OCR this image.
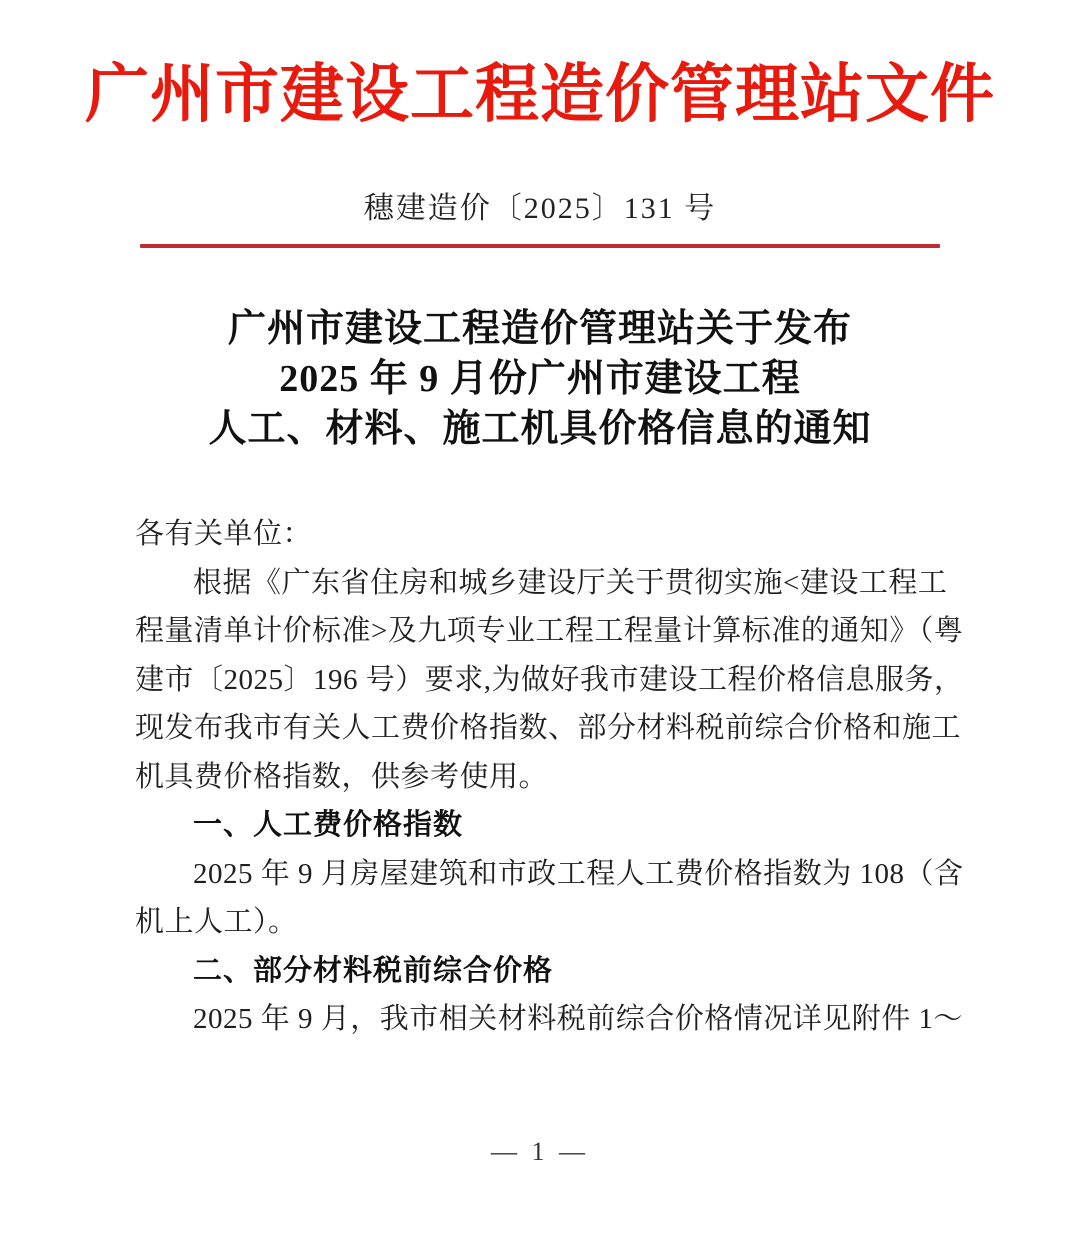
广州市建设工程造价管理站文件
穗建造价〔2025〕131 号
广州市建设工程造价管理站关于发布
2025 年 9 月份广州市建设工程
人工、材料、施工机具价格信息的通知
各有关单位：
根据《广东省住房和城乡建设厅关于贯彻实施<建设工程工
程量清单计价标准>及九项专业工程工程量计算标准的通知》（粤
建市〔2025〕196 号）要求,为做好我市建设工程价格信息服务，
现发布我市有关人工费价格指数、部分材料税前综合价格和施工
机具费价格指数，供参考使用。
一、人工费价格指数
2025 年 9 月房屋建筑和市政工程人工费价格指数为 108（含
机上人工）。
二、部分材料税前综合价格
2025 年 9 月，我市相关材料税前综合价格情况详见附件 1～
— 1 —
